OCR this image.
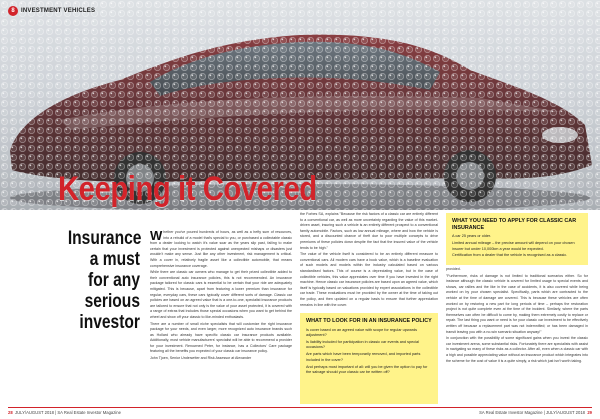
8	INVESTMENT VEHICLES
Keeping it Covered
Insurance a must for any serious investor

Whether you've poured hundreds of hours, as well as a hefty sum of resources, into a rebuild of a model that's special to you, or purchased a collectable classic from a dealer looking to watch it's value soar as the years slip past, failing to make certain that your investment is protected against unexpected mishaps or disasters just wouldn't make any sense. Just like any other investment, risk management is critical. With a cover in, relatively fragile asset like a collectible automobile, that means comprehensive insurance coverage.

While there are classic car owners who manage to get their prized collectible added to their conventional auto insurance policies, this is not recommended. An insurance package tailored for classic cars is essential to be certain that your ride are adequately mitigated. This is because, apart from featuring a lower premium than insurance for regular, everyday cars, these cars typically cover different sorts of damage. Classic car policies are based on an agreed value that is a one-to-one, specialist insurance products are tailored to ensure that not only is the value of your asset protected, it is covered with a range of extras that includes those special occasions when you want to get behind the wheel and show off your classic to like-minded enthusiasts.

There are a number of small niche specialists that will customize the right insurance package for your needs, and even larger, more recognized auto insurance brands such as Hollard who already have specific classic car insurance products available. Additionally, most vehicle manufacturers' specialist will be able to recommend a provider for your investment. Renowned Peter, for instance, has a Collectors' Care package featuring all the benefits you expected of your classic car insurance policy.

John Tjoen, Senior Underwriter and Risk Assessor at Alexander

the Forbes SA, explains "Because the risk factors of a classic car are entirely different to a conventional car, as well as more uncertainty regarding the value of this market-driven asset, insuring such a vehicle is an entirely different prospect to a conventional family automobile. Factors, such as low annual mileage, where and how the vehicle is stored, and a discounted chance of theft due to poor multiple concepts to drive premiums of these policies down despite the fact that the insured value of the vehicle tends to be high."

The value of the vehicle itself is considered to be an entirely different measure to conventional cars. All modern cars have a book value, which is a baseline evaluation of such models and models within the industry calculated based on various standardised factors. This of course is a depreciating value, but in the case of collectible vehicles, this value appreciates over time if you have invested in the right machine. Hence classic car insurance policies are based upon an agreed value, which itself is typically based on valuations provided by expert associations in the collectible car trade. These evaluations must be provided by the owner at the time of taking out the policy, and then updated on a regular basis to ensure that further appreciation remains in line with the cover.

WHAT TO LOOK FOR IN AN INSURANCE POLICY

Is cover based on an agreed value with scope for regular upwards adjustment?

Is liability included for participation in classic car events and special occasions?

Are parts which have been temporarily removed, and imported parts included in the cover?

And perhaps most important of all: will you be given the option to pay for the salvage should your classic car be written off?

WHAT YOU NEED TO APPLY FOR CLASSIC CAR INSURANCE

A car 25 years or older.

Limited annual mileage – the precise amount will depend on your chosen insurer but under 10,000km a year would be expected.

Certification from a dealer that the vehicle is recognised as a classic.

provided.

"Furthermore, risks of damage is not limited to traditional scenarios either. So for instance although the classic vehicle is covered for limited usage to special events and shows, car rallies and the like in the case of accidents, it is also covered while being worked on by your chosen specialist. Specifically, parts which are contracted to the vehicle at the time of damage are covered. This is because these vehicles are often worked on by restoring a new part for long periods of time – perhaps the restoration project is not quite complete even at the time of the incident. Similarly, where the parts themselves can often be difficult to come by, making them extremely costly to replace or repair. The last thing you want or need is for your classic car investment to be effectively written off because a replacement part was not indemnified; or has been damaged in transit leaving you with a no-win scenario situation anyway!"

In conjunction with the possibility of some significant gains when you invest the classic car investment arena, some substantial risks. Fortunately there are specialists with assist in navigating so many of these risks as a collector. After all, even when a classic car with a high and possible appreciating value without an insurance product which integrates into the scheme for the cost of value it is a quite simply, a risk which just isn't worth taking.

28 JULY/AUGUST 2018 | SA Real Estate Investor Magazine	SA Real Estate Investor Magazine | JULY/AUGUST 2018 29
